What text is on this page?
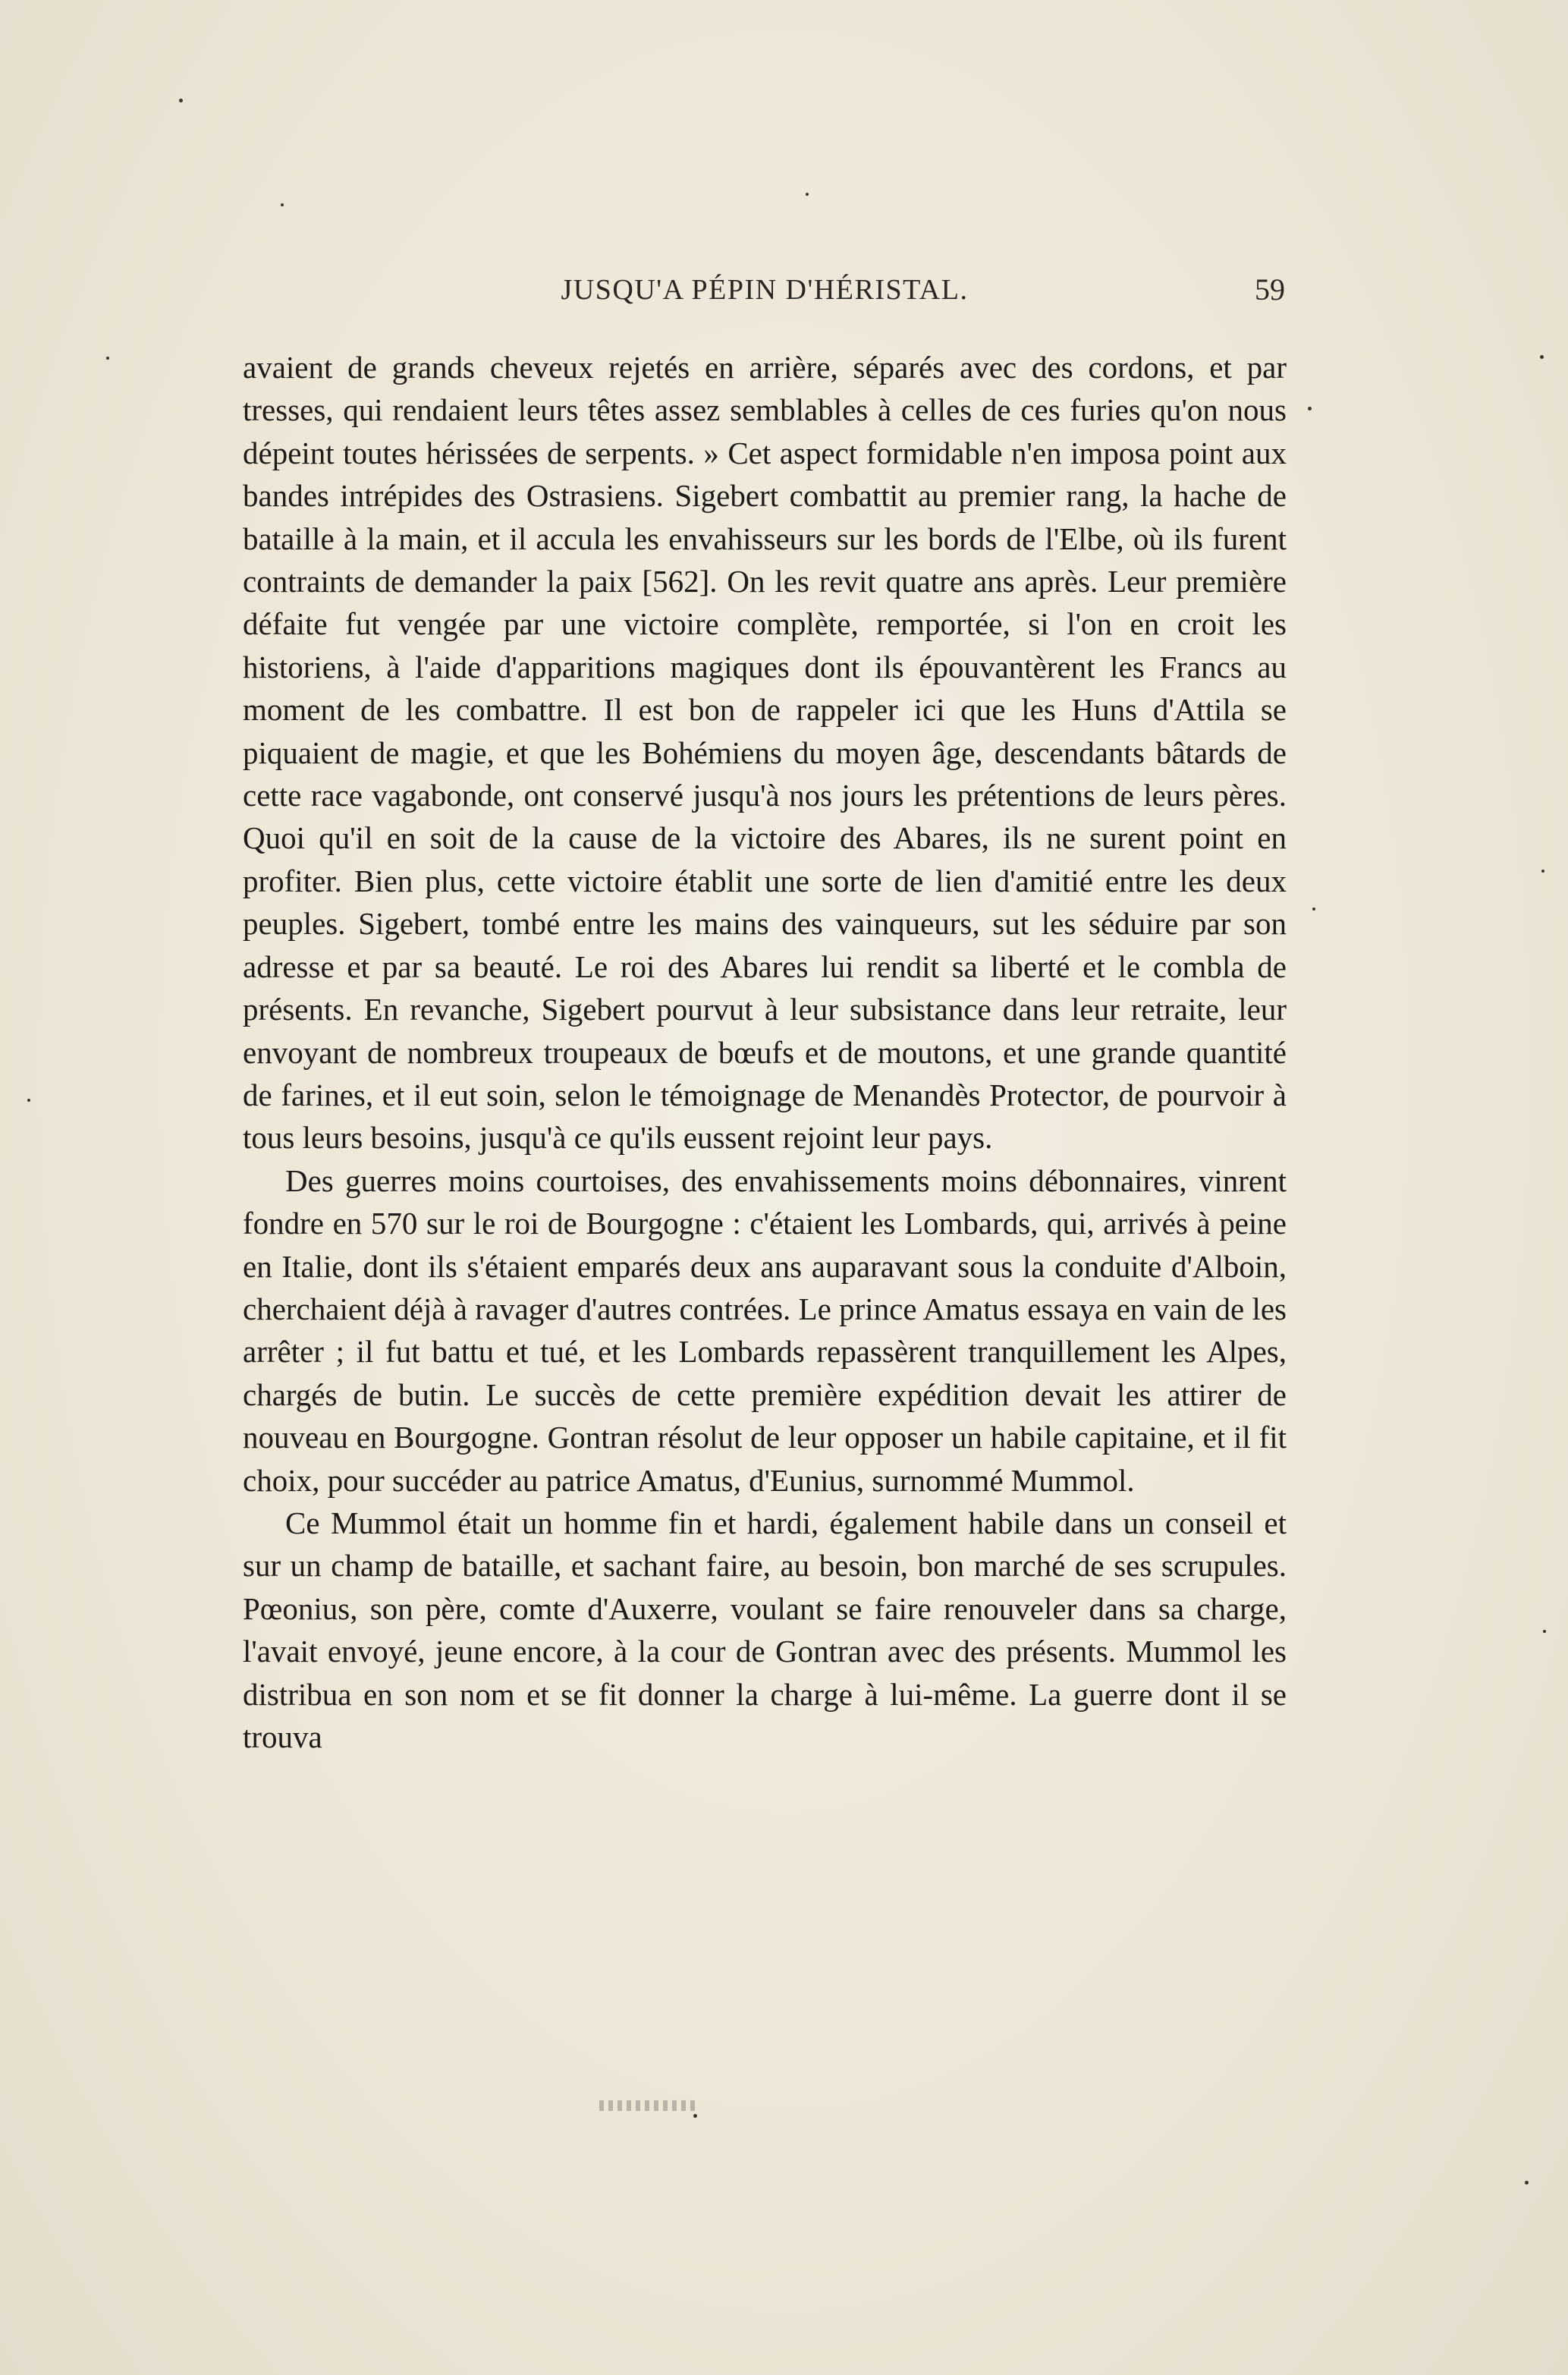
JUSQU'A PÉPIN D'HÉRISTAL.	59

avaient de grands cheveux rejetés en arrière, séparés avec des cordons, et par tresses, qui rendaient leurs têtes assez semblables à celles de ces furies qu'on nous dépeint toutes hérissées de serpents. » Cet aspect formidable n'en imposa point aux bandes intrépides des Ostrasiens. Sigebert combattit au premier rang, la hache de bataille à la main, et il accula les envahisseurs sur les bords de l'Elbe, où ils furent contraints de demander la paix [562]. On les revit quatre ans après. Leur première défaite fut vengée par une victoire complète, remportée, si l'on en croit les historiens, à l'aide d'apparitions magiques dont ils épouvantèrent les Francs au moment de les combattre. Il est bon de rappeler ici que les Huns d'Attila se piquaient de magie, et que les Bohémiens du moyen âge, descendants bâtards de cette race vagabonde, ont conservé jusqu'à nos jours les prétentions de leurs pères. Quoi qu'il en soit de la cause de la victoire des Abares, ils ne surent point en profiter. Bien plus, cette victoire établit une sorte de lien d'amitié entre les deux peuples. Sigebert, tombé entre les mains des vainqueurs, sut les séduire par son adresse et par sa beauté. Le roi des Abares lui rendit sa liberté et le combla de présents. En revanche, Sigebert pourvut à leur subsistance dans leur retraite, leur envoyant de nombreux troupeaux de bœufs et de moutons, et une grande quantité de farines, et il eut soin, selon le témoignage de Menandès Protector, de pourvoir à tous leurs besoins, jusqu'à ce qu'ils eussent rejoint leur pays.

Des guerres moins courtoises, des envahissements moins débonnaires, vinrent fondre en 570 sur le roi de Bourgogne : c'étaient les Lombards, qui, arrivés à peine en Italie, dont ils s'étaient emparés deux ans auparavant sous la conduite d'Alboin, cherchaient déjà à ravager d'autres contrées. Le prince Amatus essaya en vain de les arrêter ; il fut battu et tué, et les Lombards repassèrent tranquillement les Alpes, chargés de butin. Le succès de cette première expédition devait les attirer de nouveau en Bourgogne. Gontran résolut de leur opposer un habile capitaine, et il fit choix, pour succéder au patrice Amatus, d'Eunius, surnommé Mummol.

Ce Mummol était un homme fin et hardi, également habile dans un conseil et sur un champ de bataille, et sachant faire, au besoin, bon marché de ses scrupules. Pœonius, son père, comte d'Auxerre, voulant se faire renouveler dans sa charge, l'avait envoyé, jeune encore, à la cour de Gontran avec des présents. Mummol les distribua en son nom et se fit donner la charge à lui-même. La guerre dont il se trouva
